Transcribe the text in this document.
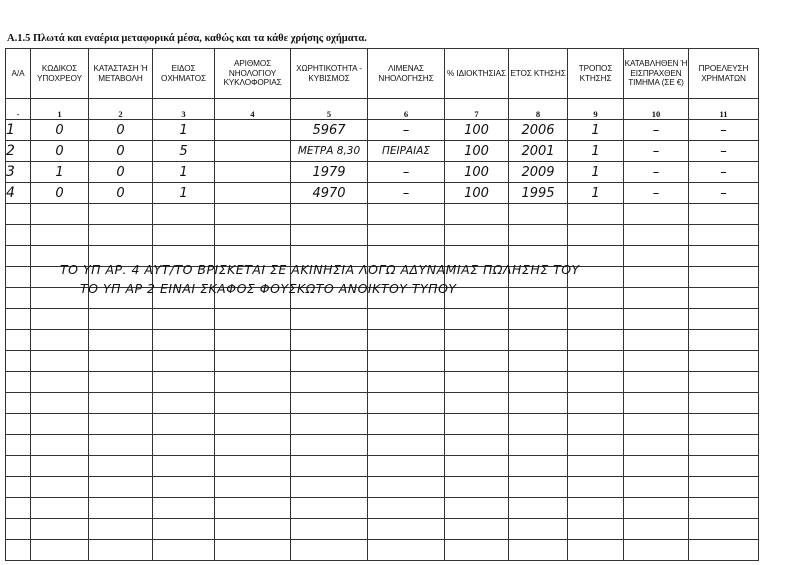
A.1.5 Πλωτά και εναέρια μεταφορικά μέσα, καθώς και τα κάθε χρήσης οχήματα.
Α/Α	ΚΩΔΙΚΟΣ ΥΠΟΧΡΕΟΥ	ΚΑΤΑΣΤΑΣΗ Ή ΜΕΤΑΒΟΛΗ	ΕΙΔΟΣ ΟΧΗΜΑΤΟΣ	ΑΡΙΘΜΟΣ ΝΗΟΛΟΓΙΟΥ ΚΥΚΛΟΦΟΡΙΑΣ	ΧΩΡΗΤΙΚΟΤΗΤΑ - ΚΥΒΙΣΜΟΣ	ΛΙΜΕΝΑΣ ΝΗΟΛΟΓΗΣΗΣ	% ΙΔΙΟΚΤΗΣΙΑΣ	ΕΤΟΣ ΚΤΗΣΗΣ	ΤΡΟΠΟΣ ΚΤΗΣΗΣ	ΚΑΤΑΒΛΗΘΕΝ Ή ΕΙΣΠΡΑΧΘΕΝ ΤΙΜΗΜΑ (ΣΕ €)	ΠΡΟΕΛΕΥΣΗ ΧΡΗΜΑΤΩΝ
-	1	2	3	4	5	6	7	8	9	10	11
1	0	0	1		5967	–	100	2006	1	–	–
2	0	0	5		ΜΕΤΡΑ 8,30	ΠΕΙΡΑΙΑΣ	100	2001	1	–	–
3	1	0	1		1979	–	100	2009	1	–	–
4	0	0	1		4970	–	100	1995	1	–	–

ΤΟ ΥΠ ΑΡ. 4 ΑΥΤ/ΤΟ ΒΡΙΣΚΕΤΑΙ ΣΕ ΑΚΙΝΗΣΙΑ ΛΟΓΩ ΑΔΥΝΑΜΙΑΣ ΠΩΛΗΣΗΣ ΤΟΥ
ΤΟ ΥΠ ΑΡ 2 ΕΙΝΑΙ ΣΚΑΦΟΣ ΦΟΥΣΚΩΤΟ ΑΝΟΙΚΤΟΥ ΤΥΠΟΥ
